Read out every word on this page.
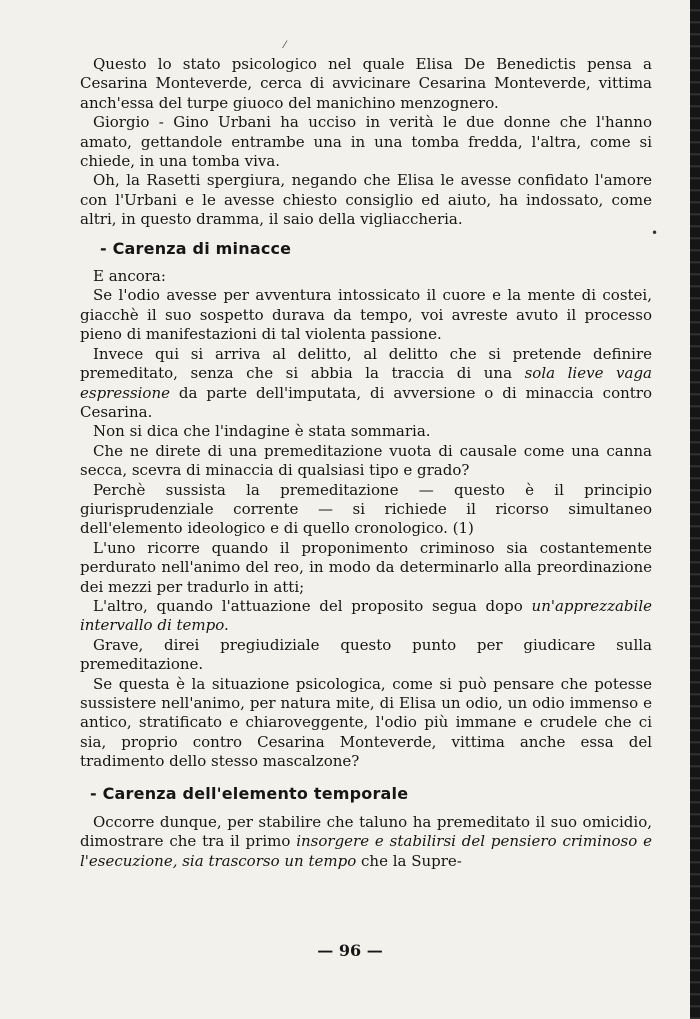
⁄
•

Questo lo stato psicologico nel quale Elisa De Benedictis pensa a Cesarina Monteverde, cerca di avvicinare Cesarina Monteverde, vittima anch'essa del turpe giuoco del manichino menzognero.

Giorgio - Gino Urbani ha ucciso in verità le due donne che l'hanno amato, gettandole entrambe una in una tomba fredda, l'altra, come si chiede, in una tomba viva.

Oh, la Rasetti spergiura, negando che Elisa le avesse confidato l'amore con l'Urbani e le avesse chiesto consiglio ed aiuto, ha indossato, come altri, in questo dramma, il saio della vigliaccheria.

- Carenza di minacce

E ancora:

Se l'odio avesse per avventura intossicato il cuore e la mente di costei, giacchè il suo sospetto durava da tempo, voi avreste avuto il processo pieno di manifestazioni di tal violenta passione.

Invece qui si arriva al delitto, al delitto che si pretende definire premeditato, senza che si abbia la traccia di una sola lieve vaga espressione da parte dell'imputata, di avversione o di minaccia contro Cesarina.

Non si dica che l'indagine è stata sommaria.

Che ne direte di una premeditazione vuota di causale come una canna secca, scevra di minaccia di qualsiasi tipo e grado?

Perchè sussista la premeditazione — questo è il principio giurisprudenziale corrente — si richiede il ricorso simultaneo dell'elemento ideologico e di quello cronologico. (1)

L'uno ricorre quando il proponimento criminoso sia costantemente perdurato nell'animo del reo, in modo da determinarlo alla preordinazione dei mezzi per tradurlo in atti;

L'altro, quando l'attuazione del proposito segua dopo un'apprezzabile intervallo di tempo.

Grave, direi pregiudiziale questo punto per giudicare sulla premeditazione.

Se questa è la situazione psicologica, come si può pensare che potesse sussistere nell'animo, per natura mite, di Elisa un odio, un odio immenso e antico, stratificato e chiaroveggente, l'odio più immane e crudele che ci sia, proprio contro Cesarina Monteverde, vittima anche essa del tradimento dello stesso mascalzone?

- Carenza dell'elemento temporale

Occorre dunque, per stabilire che taluno ha premeditato il suo omicidio, dimostrare che tra il primo insorgere e stabilirsi del pensiero criminoso e l'esecuzione, sia trascorso un tempo che la Supre-

— 96 —
